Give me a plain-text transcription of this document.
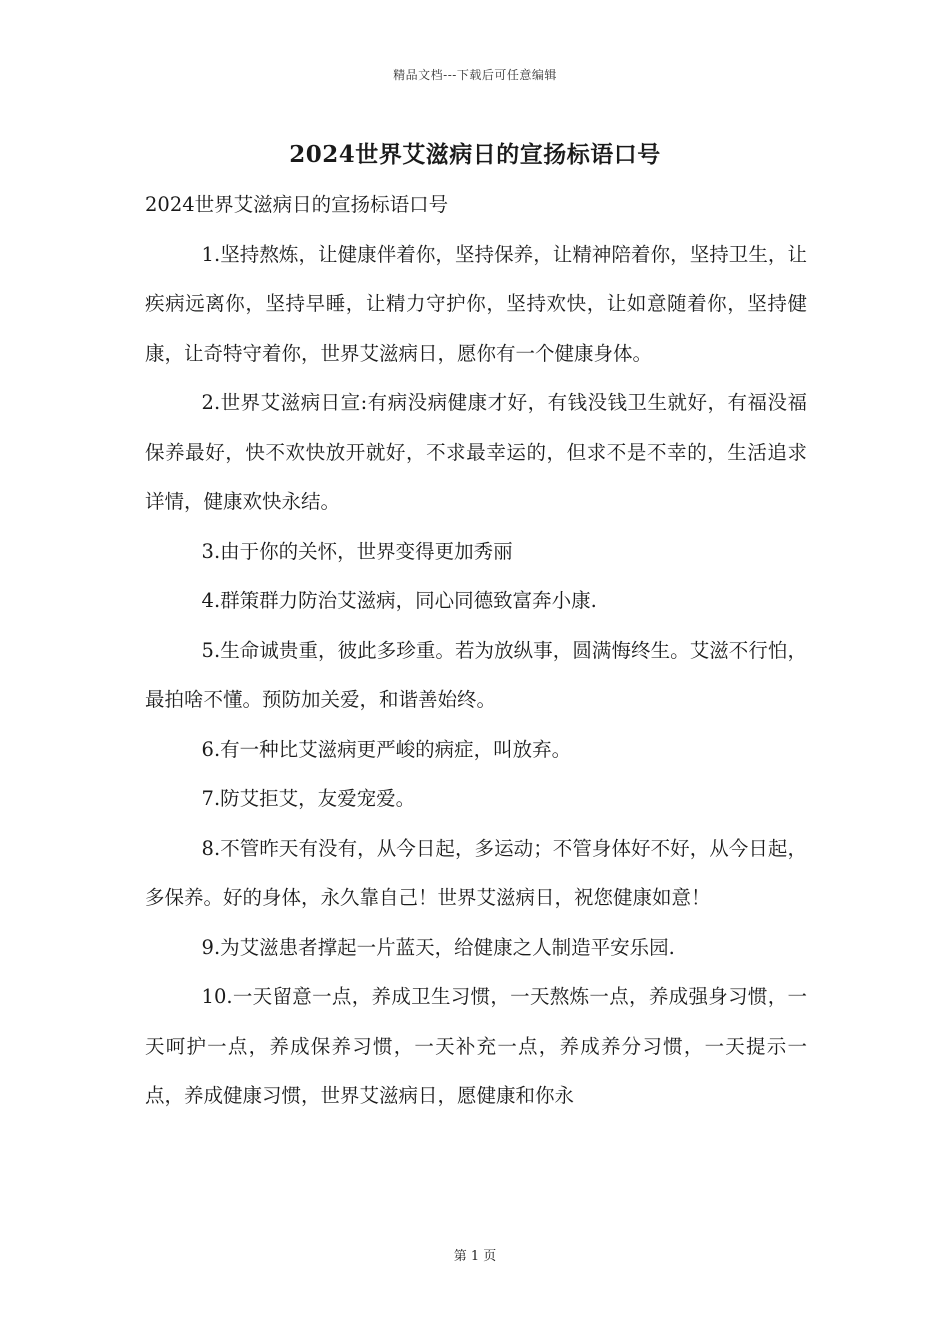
精品文档---下载后可任意编辑
2024世界艾滋病日的宣扬标语口号

2024世界艾滋病日的宣扬标语口号

1.坚持熬炼，让健康伴着你，坚持保养，让精神陪着你，坚持卫生，让疾病远离你，坚持早睡，让精力守护你，坚持欢快，让如意随着你，坚持健康，让奇特守着你，世界艾滋病日，愿你有一个健康身体。

2.世界艾滋病日宣:有病没病健康才好，有钱没钱卫生就好，有福没福保养最好，快不欢快放开就好，不求最幸运的，但求不是不幸的，生活追求详情，健康欢快永结。

3.由于你的关怀，世界变得更加秀丽

4.群策群力防治艾滋病，同心同德致富奔小康.

5.生命诚贵重，彼此多珍重。若为放纵事，圆满悔终生。艾滋不行怕，最拍啥不懂。预防加关爱，和谐善始终。

6.有一种比艾滋病更严峻的病症，叫放弃。

7.防艾拒艾，友爱宠爱。

8.不管昨天有没有，从今日起，多运动；不管身体好不好，从今日起，多保养。好的身体，永久靠自己！世界艾滋病日，祝您健康如意！

9.为艾滋患者撑起一片蓝天，给健康之人制造平安乐园.

10.一天留意一点，养成卫生习惯，一天熬炼一点，养成强身习惯，一天呵护一点，养成保养习惯，一天补充一点，养成养分习惯，一天提示一点，养成健康习惯，世界艾滋病日，愿健康和你永

第 1 页
